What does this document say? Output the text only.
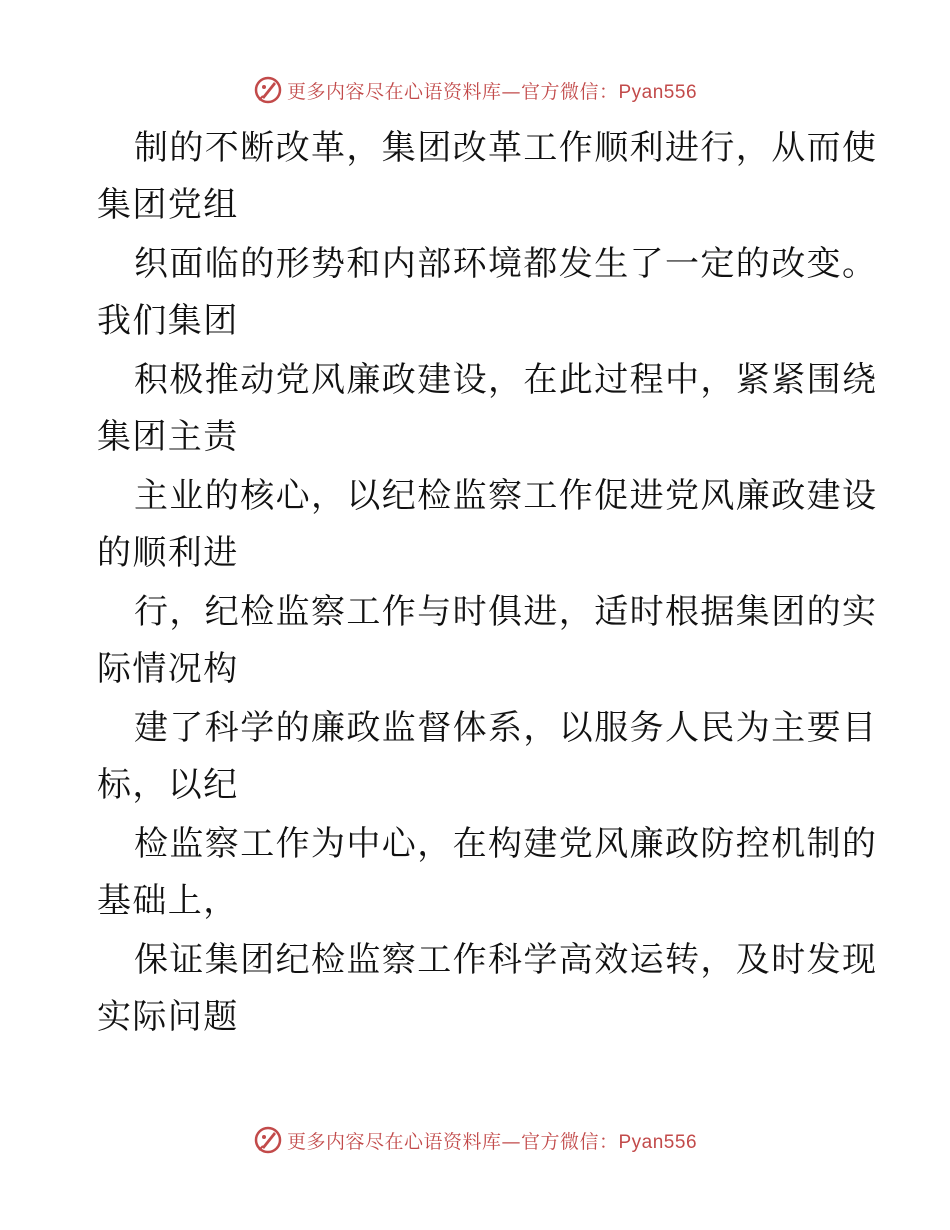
更多内容尽在心语资料库—官方微信：Pyan556
制的不断改革，集团改革工作顺利进行，从而使
集团党组
织面临的形势和内部环境都发生了一定的改变。
我们集团
积极推动党风廉政建设，在此过程中，紧紧围绕
集团主责
主业的核心，以纪检监察工作促进党风廉政建设
的顺利进
行，纪检监察工作与时俱进，适时根据集团的实
际情况构
建了科学的廉政监督体系，以服务人民为主要目
标，以纪
检监察工作为中心，在构建党风廉政防控机制的
基础上，
保证集团纪检监察工作科学高效运转，及时发现
实际问题
更多内容尽在心语资料库—官方微信：Pyan556
